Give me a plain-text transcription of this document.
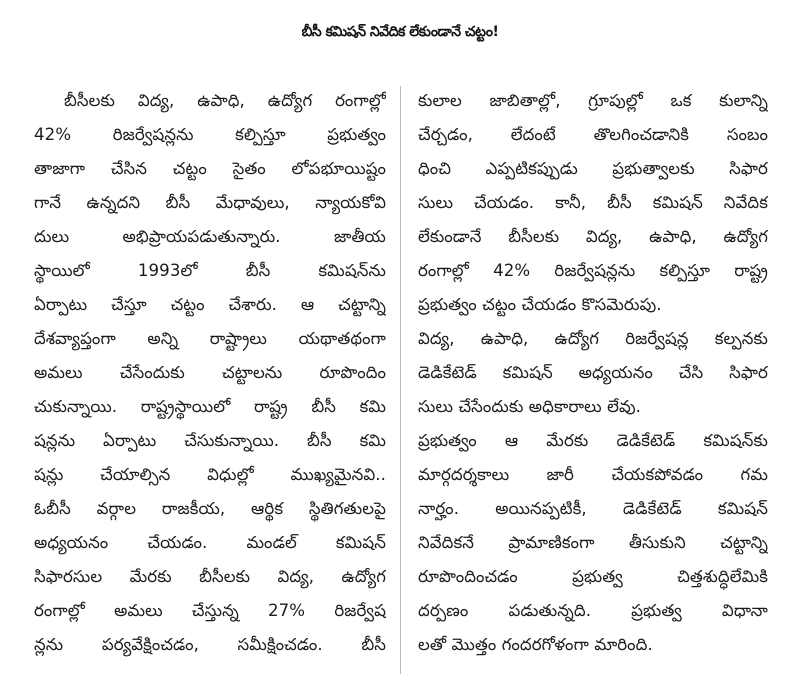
బీసీ కమిషన్ నివేదిక లేకుండానే చట్టం!
బీసీలకు విద్య, ఉపాధి, ఉద్యోగ రంగాల్లో
42% రిజర్వేషన్లను కల్పిస్తూ ప్రభుత్వం
తాజాగా చేసిన చట్టం సైతం లోపభూయిష్టం
గానే ఉన్నదని బీసీ మేధావులు, న్యాయకోవి
దులు అభిప్రాయపడుతున్నారు. జాతీయ
స్థాయిలో 1993లో బీసీ కమిషన్‌ను
ఏర్పాటు చేస్తూ చట్టం చేశారు. ఆ చట్టాన్ని
దేశవ్యాప్తంగా అన్ని రాష్ట్రాలు యథాతథంగా
అమలు చేసేందుకు చట్టాలను రూపొందిం
చుకున్నాయి. రాష్ట్రస్థాయిలో రాష్ట్ర బీసీ కమి
షన్లను ఏర్పాటు చేసుకున్నాయి. బీసీ కమి
షన్లు చేయాల్సిన విధుల్లో ముఖ్యమైనవి..
ఓబీసీ వర్గాల రాజకీయ, ఆర్థిక స్థితిగతులపై
అధ్యయనం చేయడం. మండల్ కమిషన్
సిఫారసుల మేరకు బీసీలకు విద్య, ఉద్యోగ
రంగాల్లో అమలు చేస్తున్న 27% రిజర్వేష
న్లను పర్యవేక్షించడం, సమీక్షించడం. బీసీ
కులాల జాబితాల్లో, గ్రూపుల్లో ఒక కులాన్ని
చేర్చడం, లేదంటే తొలగించడానికి సంబం
ధించి ఎప్పటికప్పుడు ప్రభుత్వాలకు సిఫార
సులు చేయడం. కానీ, బీసీ కమిషన్ నివేదిక
లేకుండానే బీసీలకు విద్య, ఉపాధి, ఉద్యోగ
రంగాల్లో 42% రిజర్వేషన్లను కల్పిస్తూ రాష్ట్ర
ప్రభుత్వం చట్టం చేయడం కొసమెరుపు.
విద్య, ఉపాధి, ఉద్యోగ రిజర్వేషన్ల కల్పనకు
డెడికేటెడ్ కమిషన్ అధ్యయనం చేసి సిఫార
సులు చేసేందుకు అధికారాలు లేవు.
ప్రభుత్వం ఆ మేరకు డెడికేటెడ్ కమిషన్‌కు
మార్గదర్శకాలు జారీ చేయకపోవడం గమ
నార్హం. అయినప్పటికీ, డెడికేటెడ్ కమిషన్
నివేదికనే ప్రామాణికంగా తీసుకుని చట్టాన్ని
రూపొందించడం ప్రభుత్వ చిత్తశుద్ధిలేమికి
దర్పణం పడుతున్నది. ప్రభుత్వ విధానా
లతో మొత్తం గందరగోళంగా మారింది.
